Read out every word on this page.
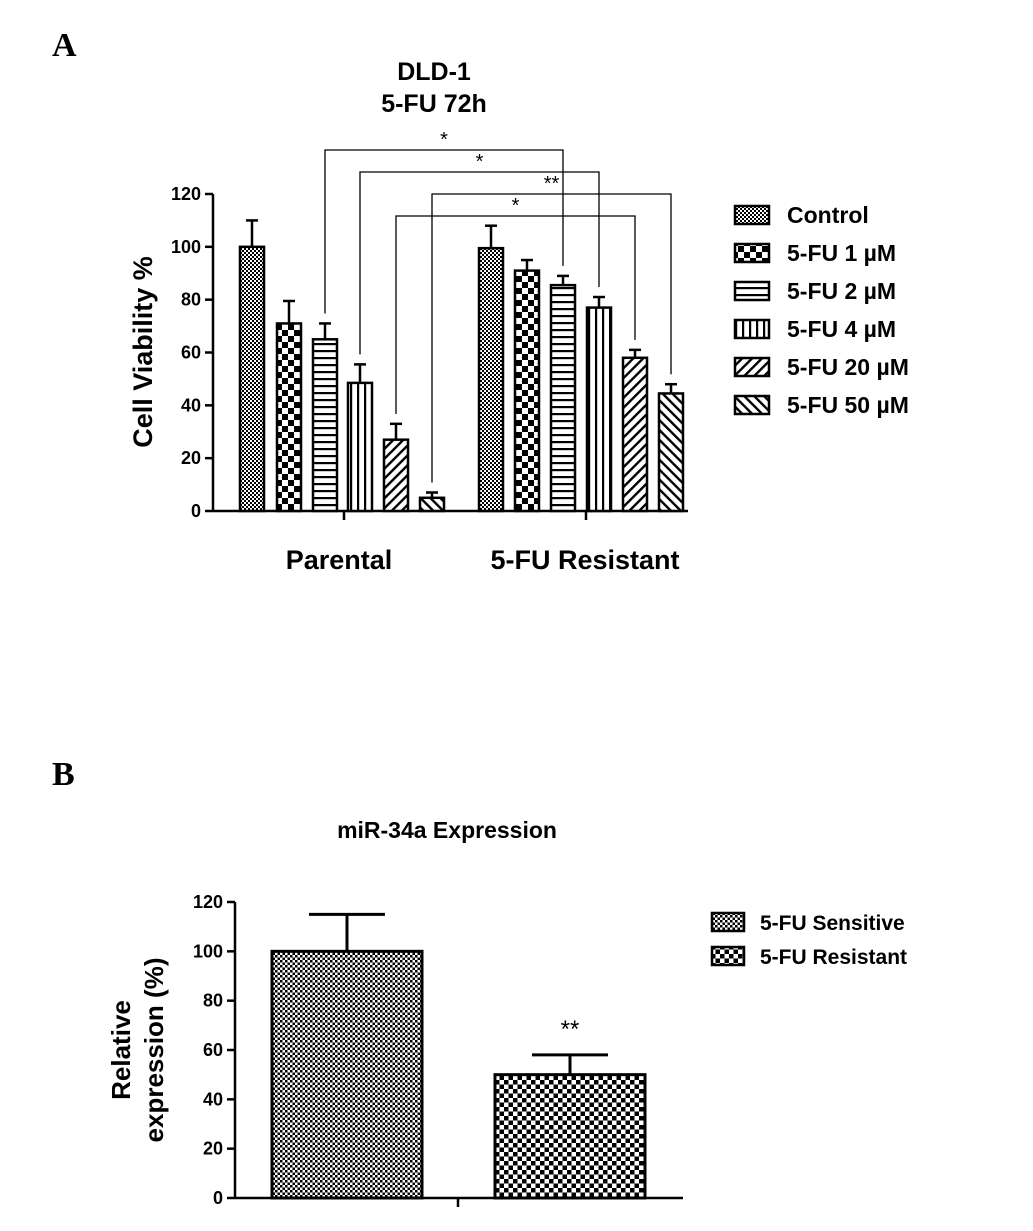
A
B
DLD-1
5-FU 72h
0
20
40
60
80
100
120
*
*
**
*	Control
5-FU 1 µM
5-FU 2 µM
5-FU 4 µM
5-FU 20 µM
5-FU 50 µM
Cell Viability %
Parental	5-FU Resistant
miR-34a Expression
0
20
40
60
80
100
120
**
5-FU Sensitive
5-FU Resistant
Relative expression (%)
